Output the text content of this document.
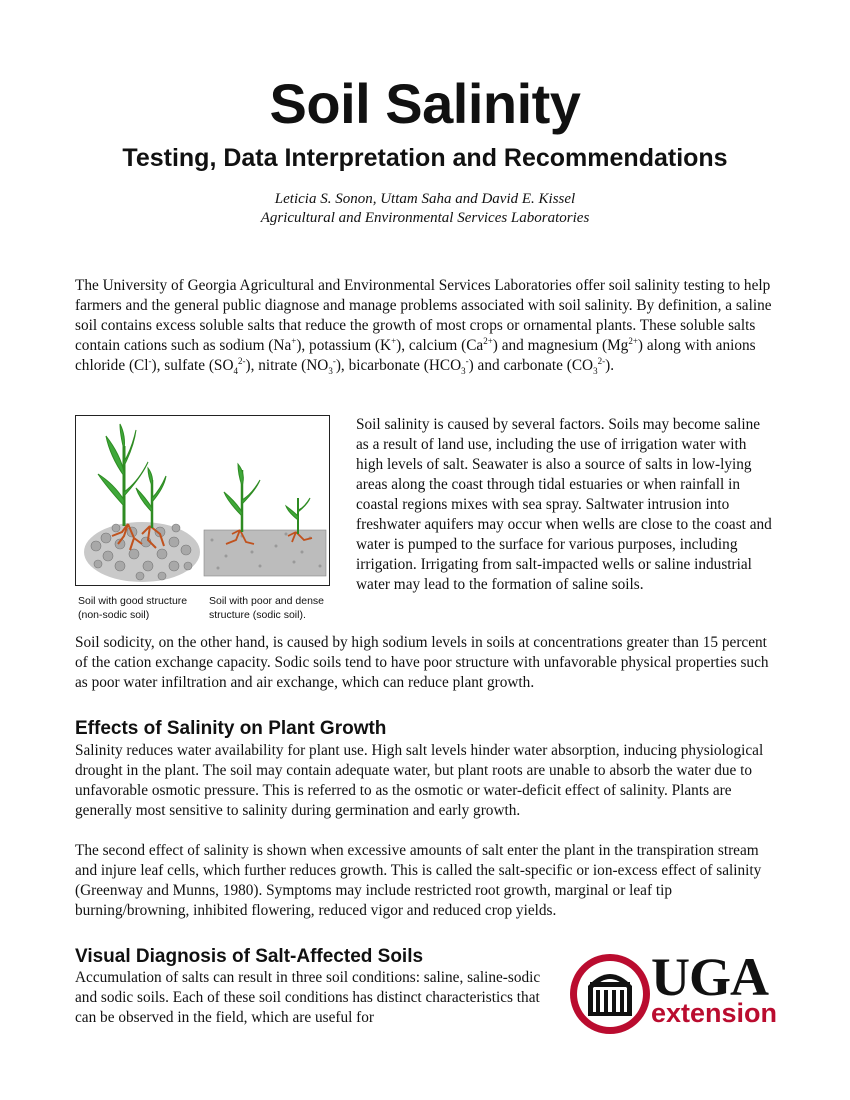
Soil Salinity
Testing, Data Interpretation and Recommendations
Leticia S. Sonon, Uttam Saha and David E. Kissel
Agricultural and Environmental Services Laboratories

The University of Georgia Agricultural and Environmental Services Laboratories offer soil salinity testing to help farmers and the general public diagnose and manage problems associated with soil salinity. By definition, a saline soil contains excess soluble salts that reduce the growth of most crops or ornamental plants. These soluble salts contain cations such as sodium (Na+), potassium (K+), calcium $(Ca^{2+})$ and magnesium $(Mg^{2+})$ along with anions chloride (Cl-), sulfate $(SO_4^{2-})$, nitrate $(NO_3^-)$, bicarbonate $(HCO_3^-)$ and carbonate $(CO_3^{2-})$.

Soil with good structure (non-sodic soil)
Soil with poor and dense structure (sodic soil).

Soil salinity is caused by several factors. Soils may become saline as a result of land use, including the use of irrigation water with high levels of salt. Seawater is also a source of salts in low-lying areas along the coast through tidal estuaries or when rainfall in coastal regions mixes with sea spray. Saltwater intrusion into freshwater aquifers may occur when wells are close to the coast and water is pumped to the surface for various purposes, including irrigation. Irrigating from salt-impacted wells or saline industrial water may lead to the formation of saline soils.

Soil sodicity, on the other hand, is caused by high sodium levels in soils at concentrations greater than 15 percent of the cation exchange capacity. Sodic soils tend to have poor structure with unfavorable physical properties such as poor water infiltration and air exchange, which can reduce plant growth.

Effects of Salinity on Plant Growth

Salinity reduces water availability for plant use. High salt levels hinder water absorption, inducing physiological drought in the plant. The soil may contain adequate water, but plant roots are unable to absorb the water due to unfavorable osmotic pressure. This is referred to as the osmotic or water-deficit effect of salinity. Plants are generally most sensitive to salinity during germination and early growth.

The second effect of salinity is shown when excessive amounts of salt enter the plant in the transpiration stream and injure leaf cells, which further reduces growth. This is called the salt-specific or ion-excess effect of salinity (Greenway and Munns, 1980). Symptoms may include restricted root growth, marginal or leaf tip burning/browning, inhibited flowering, reduced vigor and reduced crop yields.

Visual Diagnosis of Salt-Affected Soils

Accumulation of salts can result in three soil conditions: saline, saline-sodic and sodic soils. Each of these soil conditions has distinct characteristics that can be observed in the field, which are useful for

UGA
extension
